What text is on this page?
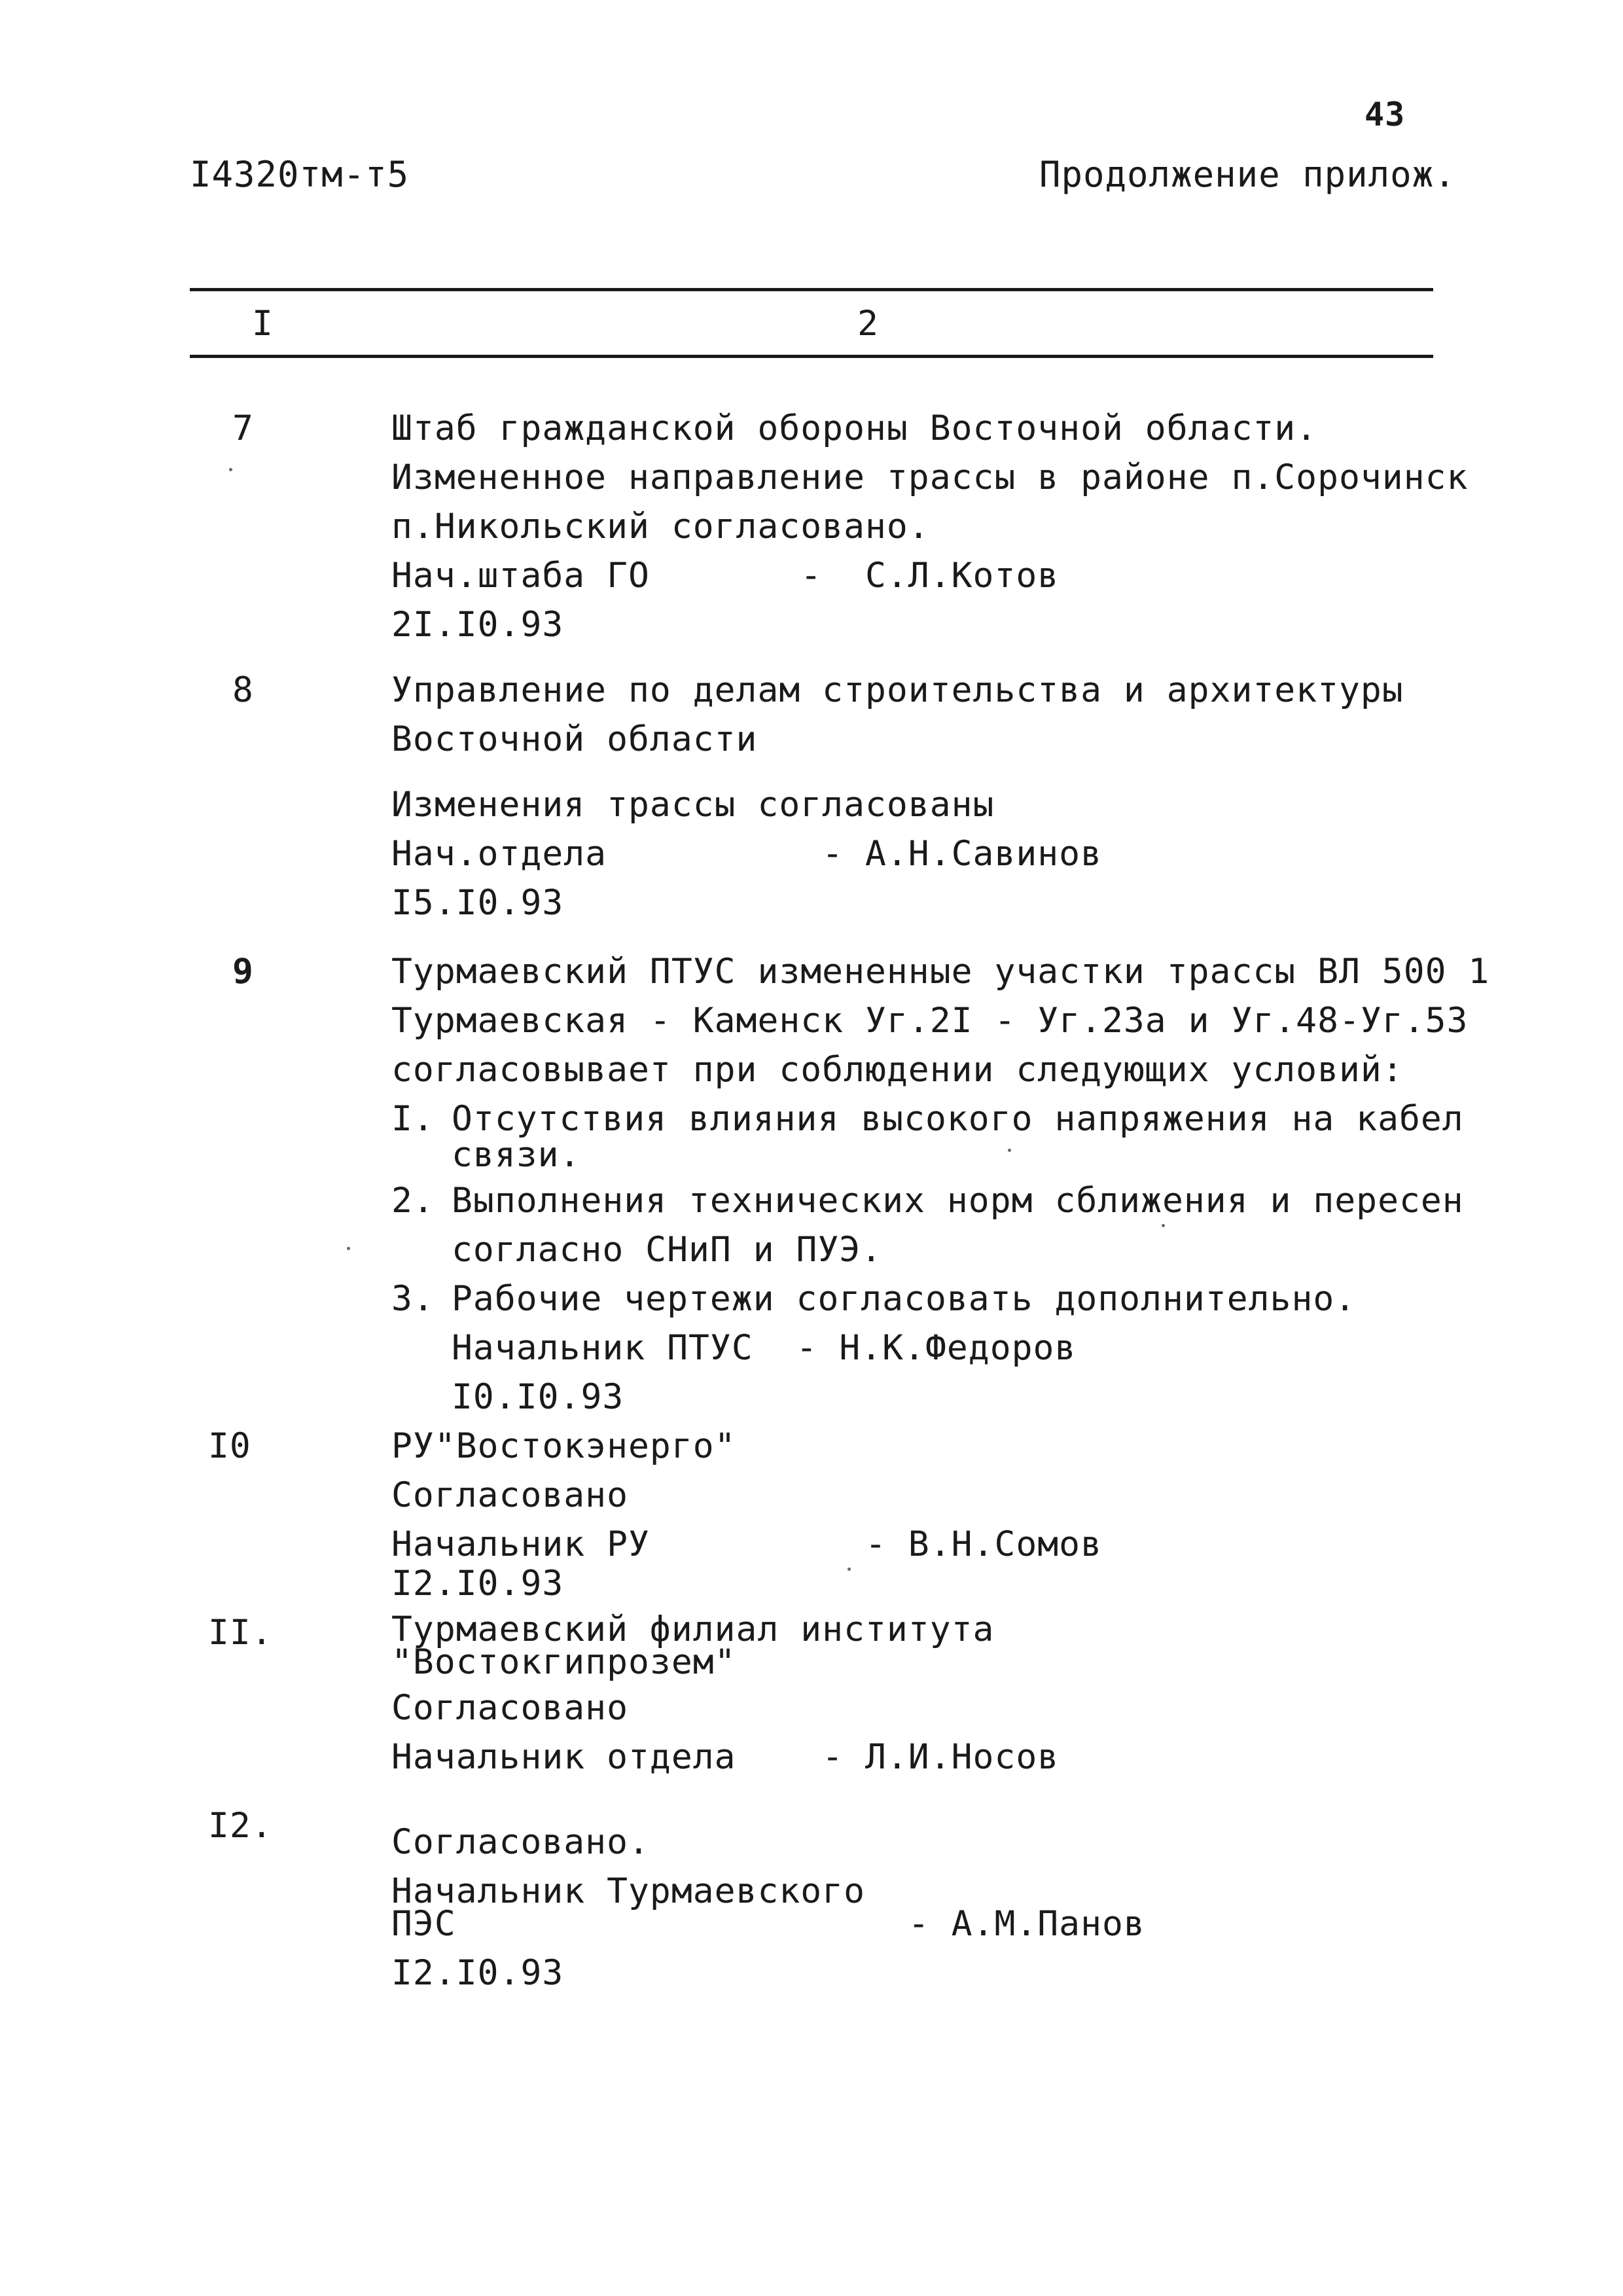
43
I4320тм-т5	Продолжение прилож.
I	2
7	Штаб гражданской обороны Восточной области.
Измененное направление трассы в районе п.Сорочинск
п.Никольский согласовано.
Нач.штаба ГО       -  С.Л.Котов
2I.I0.93
8	Управление по делам строительства и архитектуры
Восточной области
Изменения трассы согласованы
Нач.отдела          - А.Н.Савинов
I5.I0.93
9	Турмаевский ПТУС измененные участки трассы ВЛ 500 1
Турмаевская - Каменск Уг.2I - Уг.23а и Уг.48-Уг.53
согласовывает при соблюдении следующих условий:
I. Отсутствия влияния высокого напряжения на кабел
связи.
2. Выполнения технических норм сближения и пересен
согласно СНиП и ПУЭ.
3. Рабочие чертежи согласовать дополнительно.
Начальник ПТУС  - Н.К.Федоров
I0.I0.93
I0	РУ"Востокэнерго"
Согласовано
Начальник РУ          - В.Н.Сомов
I2.I0.93
II.	Турмаевский филиал института
"Востокгипрозем"
Согласовано
Начальник отдела    - Л.И.Носов
I2.	Согласовано.
Начальник Турмаевского
ПЭС                     - А.М.Панов
I2.I0.93
